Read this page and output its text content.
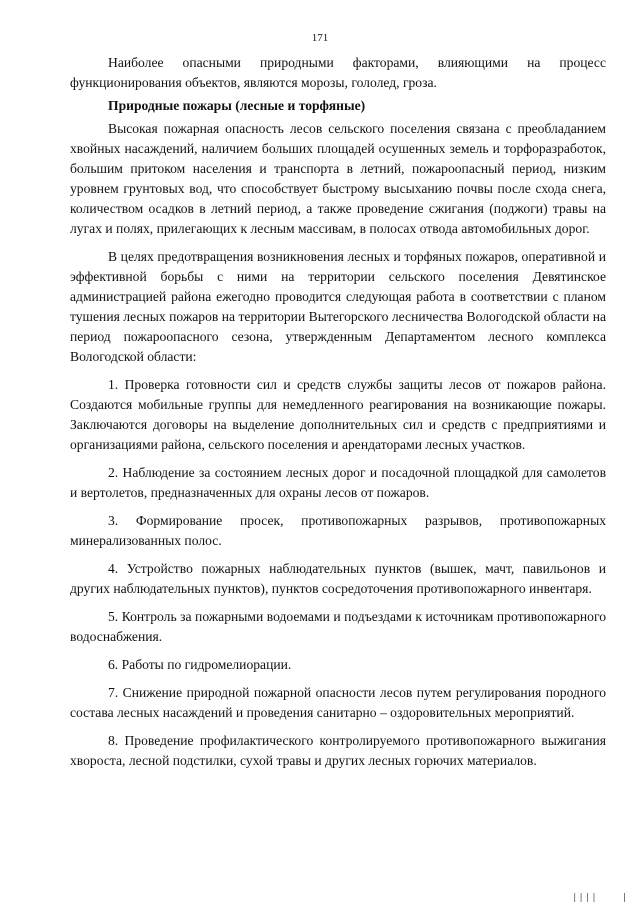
171

Наиболее опасными природными факторами, влияющими на процесс функционирования объектов, являются морозы, гололед, гроза.

Природные пожары (лесные и торфяные)

Высокая пожарная опасность лесов сельского поселения связана с преобладанием хвойных насаждений, наличием больших площадей осушенных земель и торфоразработок, большим притоком населения и транспорта в летний, пожароопасный период, низким уровнем грунтовых вод, что способствует быстрому высыханию почвы после схода снега, количеством осадков в летний период, а также проведение сжигания (поджоги) травы на лугах и полях, прилегающих к лесным массивам, в полосах отвода автомобильных дорог.

В целях предотвращения возникновения лесных и торфяных пожаров, оперативной и эффективной борьбы с ними на территории сельского поселения Девятинское администрацией района ежегодно проводится следующая работа в соответствии с планом тушения лесных пожаров на территории Вытегорского лесничества Вологодской области на период пожароопасного сезона, утвержденным Департаментом лесного комплекса Вологодской области:

1. Проверка готовности сил и средств службы защиты лесов от пожаров района. Создаются мобильные группы для немедленного реагирования на возникающие пожары. Заключаются договоры на выделение дополнительных сил и средств с предприятиями и организациями района, сельского поселения и арендаторами лесных участков.

2. Наблюдение за состоянием лесных дорог и посадочной площадкой для самолетов и вертолетов, предназначенных для охраны лесов от пожаров.

3. Формирование просек, противопожарных разрывов, противопожарных минерализованных полос.

4. Устройство пожарных наблюдательных пунктов (вышек, мачт, павильонов и других наблюдательных пунктов), пунктов сосредоточения противопожарного инвентаря.

5. Контроль за пожарными водоемами и подъездами к источникам противопожарного водоснабжения.

6. Работы по гидромелиорации.

7. Снижение природной пожарной опасности лесов путем регулирования породного состава лесных насаждений и проведения санитарно – оздоровительных мероприятий.

8. Проведение профилактического контролируемого противопожарного выжигания хвороста, лесной подстилки, сухой травы и других лесных горючих материалов.

||||
